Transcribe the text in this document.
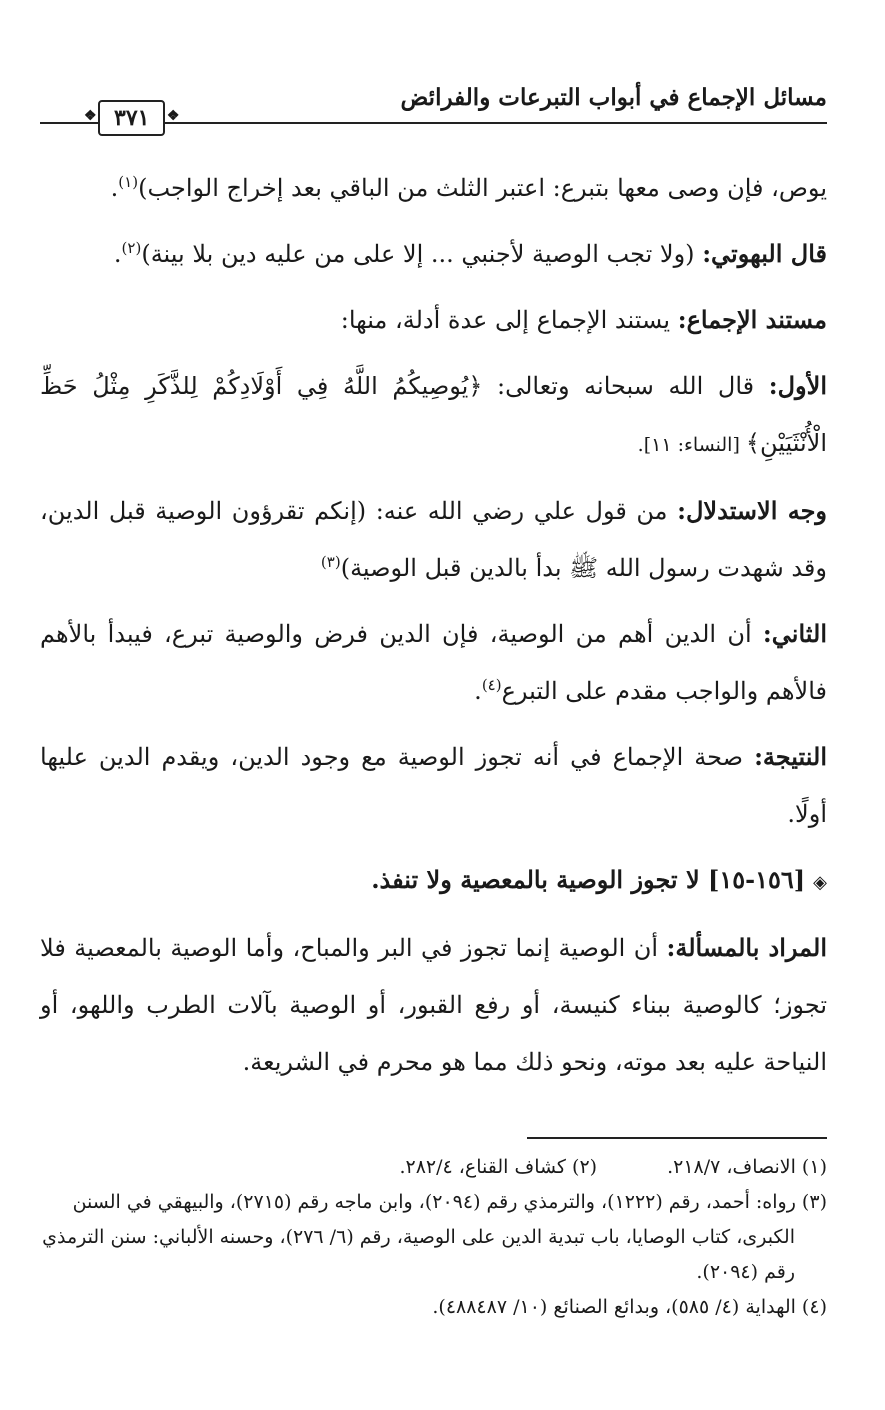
مسائل الإجماع في أبواب التبرعات والفرائض
❖ ٣٧١ ❖

يوص، فإن وصى معها بتبرع: اعتبر الثلث من الباقي بعد إخراج الواجب)$^{(١)}$.

قال البهوتي: (ولا تجب الوصية لأجنبي ... إلا على من عليه دين بلا بينة)$^{(٢)}$.

مستند الإجماع: يستند الإجماع إلى عدة أدلة، منها:

الأول: قال الله سبحانه وتعالى: ﴿يُوصِيكُمُ اللَّهُ فِي أَوْلَادِكُمْ لِلذَّكَرِ مِثْلُ حَظِّ الْأُنْثَيَيْنِ﴾ [النساء: ١١].

وجه الاستدلال: من قول علي رضي الله عنه: (إنكم تقرؤون الوصية قبل الدين، وقد شهدت رسول الله ﷺ بدأ بالدين قبل الوصية)$^{(٣)}$

الثاني: أن الدين أهم من الوصية، فإن الدين فرض والوصية تبرع، فيبدأ بالأهم فالأهم والواجب مقدم على التبرع$^{(٤)}$.

النتيجة: صحة الإجماع في أنه تجوز الوصية مع وجود الدين، ويقدم الدين عليها أولًا.

◈[١٥٦-١٥] لا تجوز الوصية بالمعصية ولا تنفذ.

المراد بالمسألة: أن الوصية إنما تجوز في البر والمباح، وأما الوصية بالمعصية فلا تجوز؛ كالوصية ببناء كنيسة، أو رفع القبور، أو الوصية بآلات الطرب واللهو، أو النياحة عليه بعد موته، ونحو ذلك مما هو محرم في الشريعة.

(١) الانصاف، ٢١٨/٧.

(٢) كشاف القناع، ٢٨٢/٤.

(٣) رواه: أحمد، رقم (١٢٢٢)، والترمذي رقم (٢٠٩٤)، وابن ماجه رقم (٢٧١٥)، والبيهقي في السنن الكبرى، كتاب الوصايا، باب تبدية الدين على الوصية، رقم (٦/ ٢٧٦)، وحسنه الألباني: سنن الترمذي رقم (٢٠٩٤).

(٤) الهداية (٤/ ٥٨٥)، وبدائع الصنائع (١٠/ ٤٨٨٤٨٧).
